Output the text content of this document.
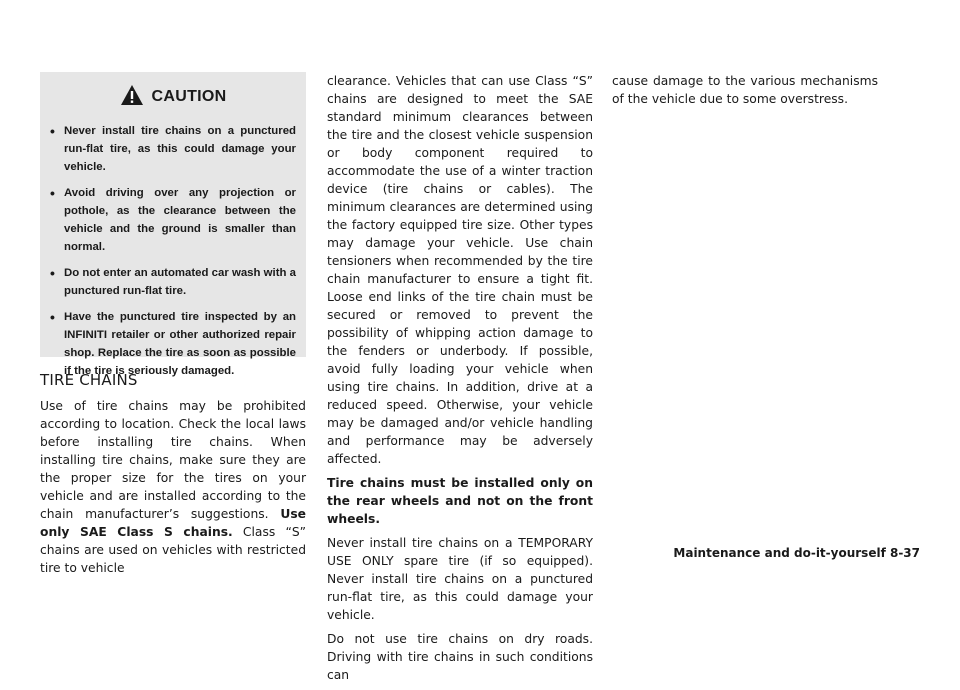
CAUTION
• Never install tire chains on a punctured run-flat tire, as this could damage your vehicle.
• Avoid driving over any projection or pothole, as the clearance between the vehicle and the ground is smaller than normal.
• Do not enter an automated car wash with a punctured run-flat tire.
• Have the punctured tire inspected by an INFINITI retailer or other authorized repair shop. Replace the tire as soon as possible if the tire is seriously damaged.
TIRE CHAINS

Use of tire chains may be prohibited according to location. Check the local laws before installing tire chains. When installing tire chains, make sure they are the proper size for the tires on your vehicle and are installed according to the chain manufacturer’s suggestions. Use only SAE Class S chains. Class “S” chains are used on vehicles with restricted tire to vehicle

clearance. Vehicles that can use Class “S” chains are designed to meet the SAE standard minimum clearances between the tire and the closest vehicle suspension or body component required to accommodate the use of a winter traction device (tire chains or cables). The minimum clearances are determined using the factory equipped tire size. Other types may damage your vehicle. Use chain tensioners when recommended by the tire chain manufacturer to ensure a tight fit. Loose end links of the tire chain must be secured or removed to prevent the possibility of whipping action damage to the fenders or underbody. If possible, avoid fully loading your vehicle when using tire chains. In addition, drive at a reduced speed. Otherwise, your vehicle may be damaged and/or vehicle handling and performance may be adversely affected.

Tire chains must be installed only on the rear wheels and not on the front wheels.

Never install tire chains on a TEMPORARY USE ONLY spare tire (if so equipped). Never install tire chains on a punctured run-flat tire, as this could damage your vehicle.

Do not use tire chains on dry roads. Driving with tire chains in such conditions can

cause damage to the various mechanisms of the vehicle due to some overstress.

Maintenance and do-it-yourself 8-37
